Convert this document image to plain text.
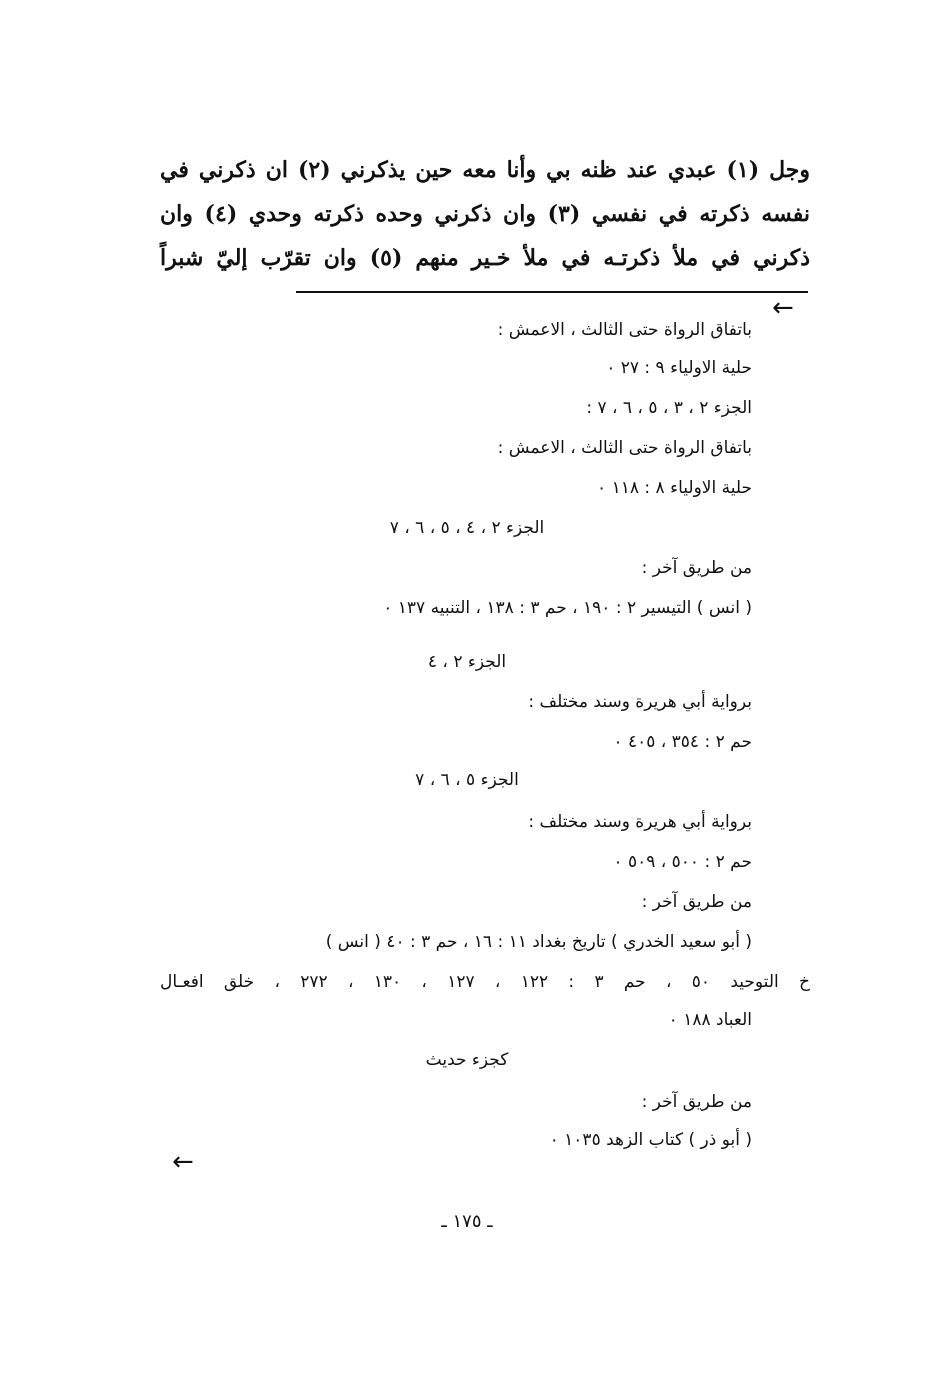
وجل (١) عبدي عند ظنه بي وأنا معه حين يذكرني (٢) ان ذكرني في
نفسه ذكرته في نفسي (٣) وان ذكرني وحده ذكرته وحدي (٤) وان
ذكرني في ملأ ذكرتـه في ملأ خـير منهم (٥) وان تقرّب إليّ شبراً
←
باتفاق الرواة حتى الثالث ، الاعمش :
حلية الاولياء ٩ : ٢٧ ٠
الجزء ٢ ، ٣ ، ٥ ، ٦ ، ٧ :
باتفاق الرواة حتى الثالث ، الاعمش :
حلية الاولياء ٨ : ١١٨ ٠
الجزء ٢ ، ٤ ، ٥ ، ٦ ، ٧
من طريق آخر :
( انس ) التيسير ٢ : ١٩٠ ، حم ٣ : ١٣٨ ، التنبيه ١٣٧ ٠
الجزء ٢ ، ٤
برواية أبي هريرة وسند مختلف :
حم ٢ : ٣٥٤ ، ٤٠٥ ٠
الجزء ٥ ، ٦ ، ٧
برواية أبي هريرة وسند مختلف :
حم ٢ : ٥٠٠ ، ٥٠٩ ٠
من طريق آخر :
( أبو سعيد الخدري ) تاريخ بغداد ١١ : ١٦ ، حم ٣ : ٤٠ ( انس )
خ التوحيد ٥٠ ، حم ٣ : ١٢٢ ، ١٢٧ ، ١٣٠ ، ٢٧٢ ، خلق افعـال
العباد ١٨٨ ٠
كجزء حديث
من طريق آخر :
( أبو ذر ) كتاب الزهد ١٠٣٥ ٠
←
ـ ١٧٥ ـ
